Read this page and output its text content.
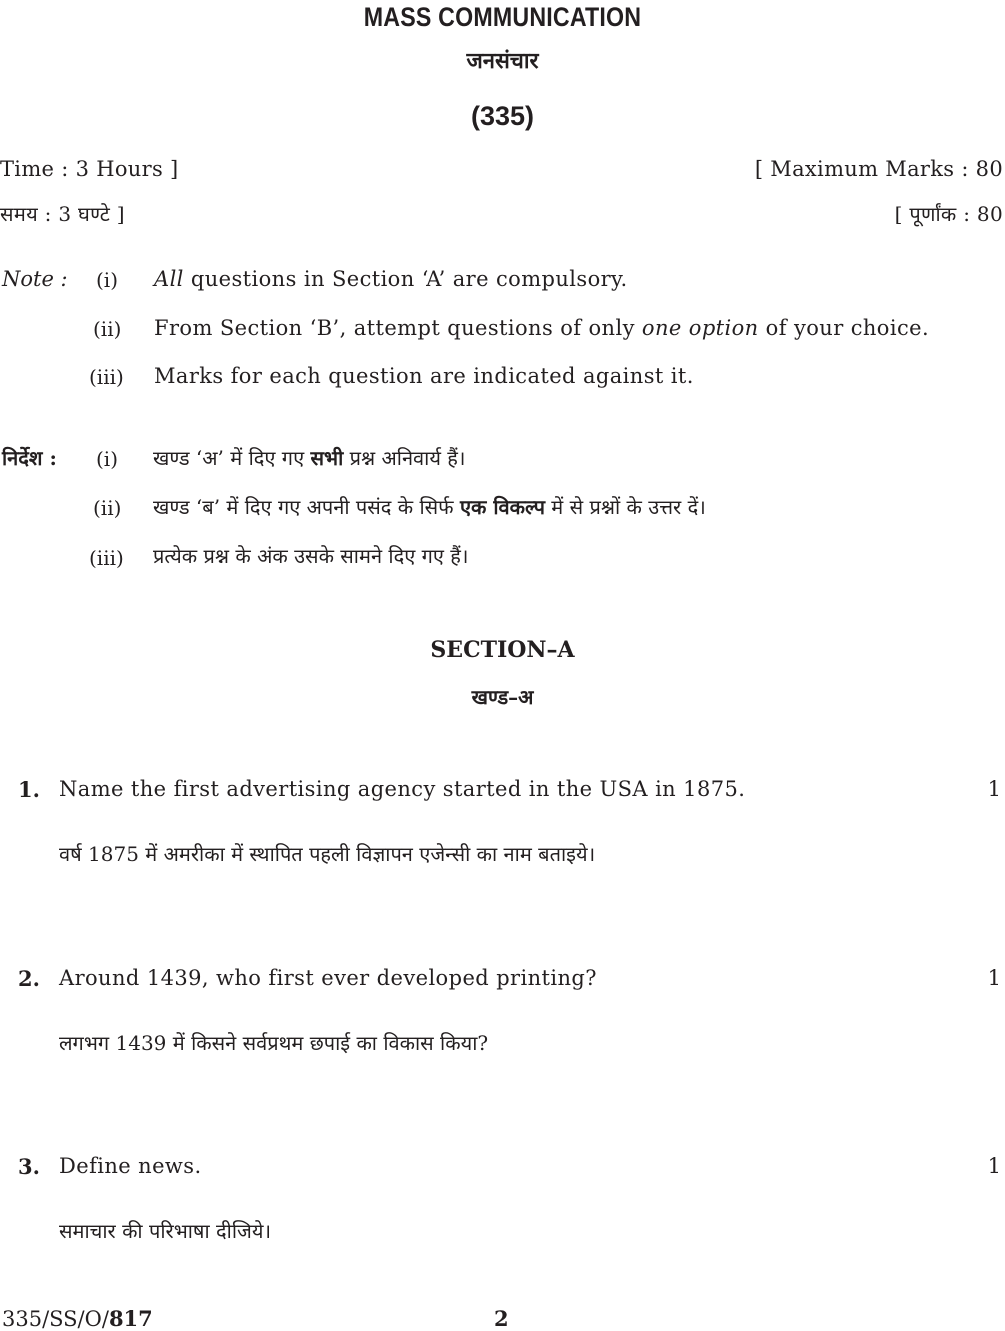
MASS COMMUNICATION
जनसंचार
(335)
Time : 3 Hours ]	[ Maximum Marks : 80
समय : 3 घण्टे ]	[ पूर्णांक : 80
Note : (i) All questions in Section ‘A’ are compulsory.
(ii) From Section ‘B’, attempt questions of only one option of your choice.
(iii) Marks for each question are indicated against it.
निर्देश : (i) खण्ड ‘अ’ में दिए गए सभी प्रश्न अनिवार्य हैं।
(ii) खण्ड ‘ब’ में दिए गए अपनी पसंद के सिर्फ एक विकल्प में से प्रश्नों के उत्तर दें।
(iii) प्रत्येक प्रश्न के अंक उसके सामने दिए गए हैं।
SECTION–A
खण्ड–अ
1. Name the first advertising agency started in the USA in 1875.	1
वर्ष 1875 में अमरीका में स्थापित पहली विज्ञापन एजेन्सी का नाम बताइये।
2. Around 1439, who first ever developed printing?	1
लगभग 1439 में किसने सर्वप्रथम छपाई का विकास किया?
3. Define news.	1
समाचार की परिभाषा दीजिये।
335/SS/O/817	2
